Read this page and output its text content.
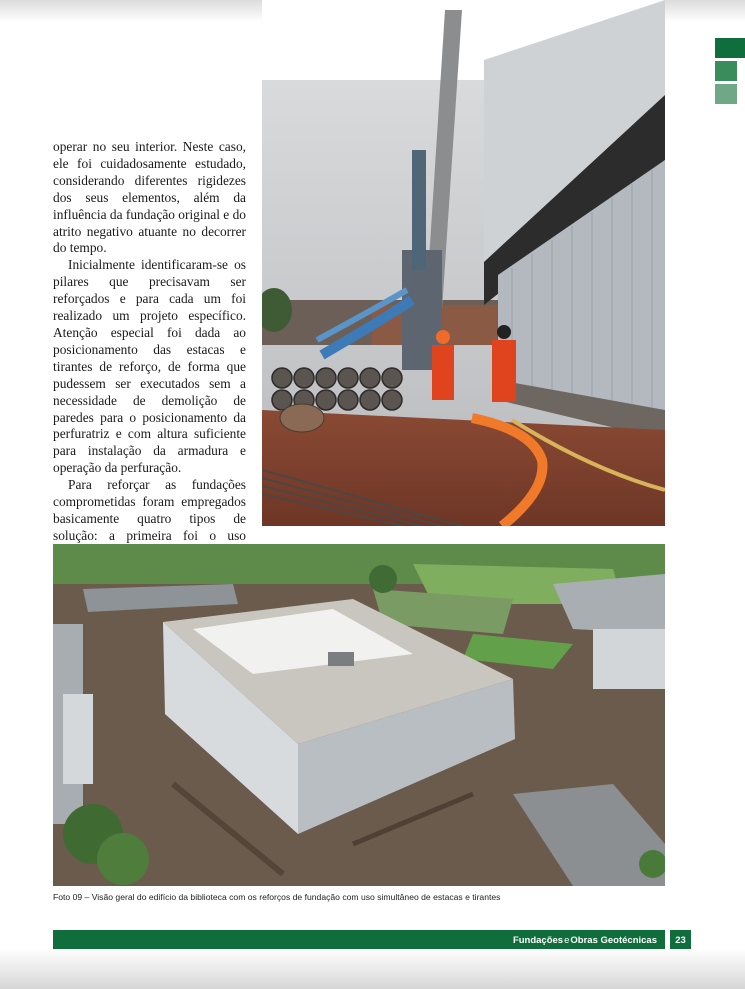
operar no seu interior. Neste caso, ele foi cuidadosamente estudado, considerando diferentes rigidezes dos seus elementos, além da influência da fundação original e do atrito negativo atuante no decorrer do tempo.

Inicialmente identificaram-se os pilares que precisavam ser reforçados e para cada um foi realizado um projeto específico. Atenção especial foi dada ao posicionamento das estacas e tirantes de reforço, de forma que pudessem ser executados sem a necessidade de demolição de paredes para o posicionamento da perfuratriz e com altura suficiente para instalação da armadura e operação da perfuração.

Para reforçar as fundações comprometidas foram empregados basicamente quatro tipos de solução: a primeira foi o uso

Foto 09 – Visão geral do edifício da biblioteca com os reforços de fundação com uso simultâneo de estacas e tirantes
Fundações e Obras Geotécnicas	23
